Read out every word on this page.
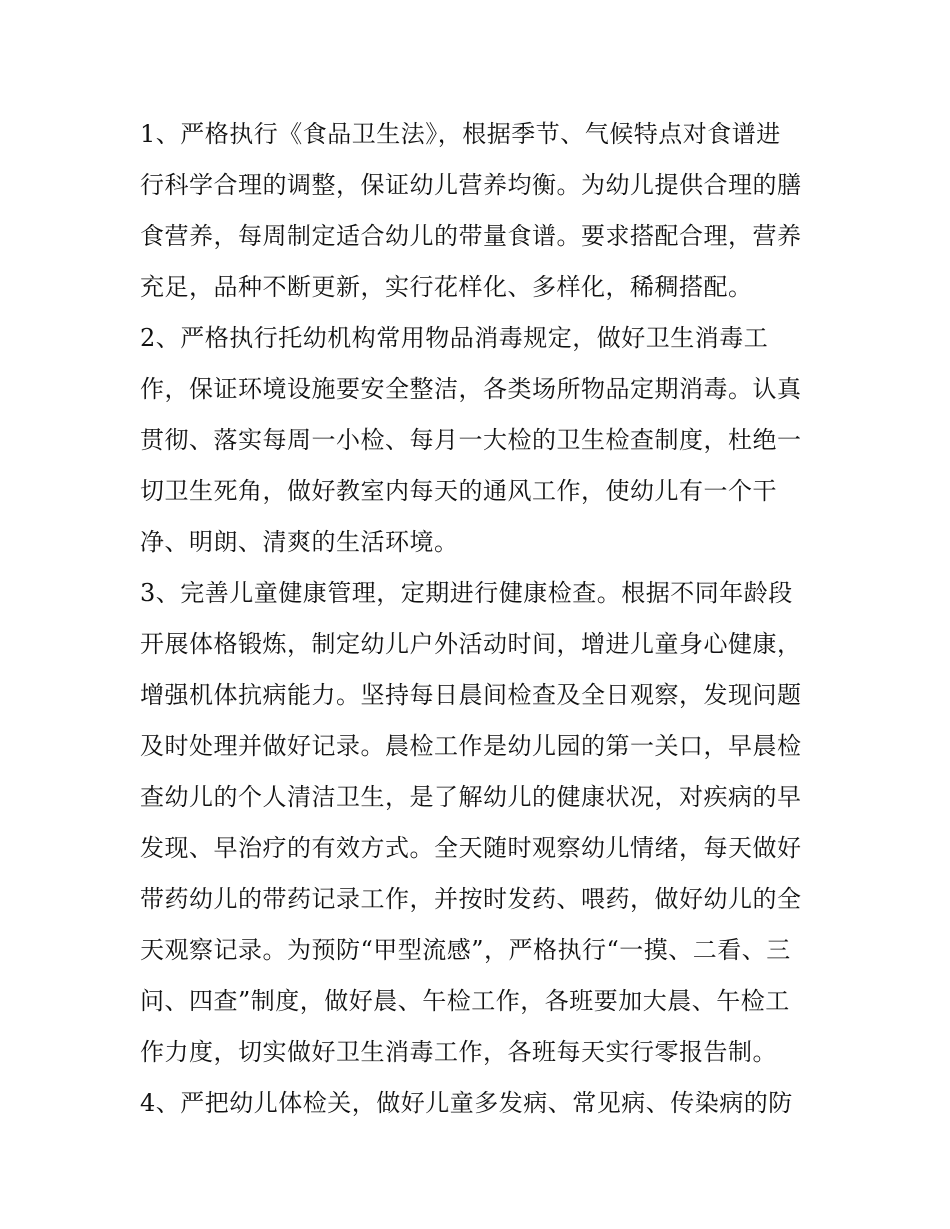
1、严格执行《食品卫生法》，根据季节、气候特点对食谱进
行科学合理的调整，保证幼儿营养均衡。为幼儿提供合理的膳
食营养，每周制定适合幼儿的带量食谱。要求搭配合理，营养
充足，品种不断更新，实行花样化、多样化，稀稠搭配。
2、严格执行托幼机构常用物品消毒规定，做好卫生消毒工
作，保证环境设施要安全整洁，各类场所物品定期消毒。认真
贯彻、落实每周一小检、每月一大检的卫生检查制度，杜绝一
切卫生死角，做好教室内每天的通风工作，使幼儿有一个干
净、明朗、清爽的生活环境。
3、完善儿童健康管理，定期进行健康检查。根据不同年龄段
开展体格锻炼，制定幼儿户外活动时间，增进儿童身心健康，
增强机体抗病能力。坚持每日晨间检查及全日观察，发现问题
及时处理并做好记录。晨检工作是幼儿园的第一关口，早晨检
查幼儿的个人清洁卫生，是了解幼儿的健康状况，对疾病的早
发现、早治疗的有效方式。全天随时观察幼儿情绪，每天做好
带药幼儿的带药记录工作，并按时发药、喂药，做好幼儿的全
天观察记录。为预防“甲型流感”，严格执行“一摸、二看、三
问、四查”制度，做好晨、午检工作，各班要加大晨、午检工
作力度，切实做好卫生消毒工作，各班每天实行零报告制。
4、严把幼儿体检关，做好儿童多发病、常见病、传染病的防
